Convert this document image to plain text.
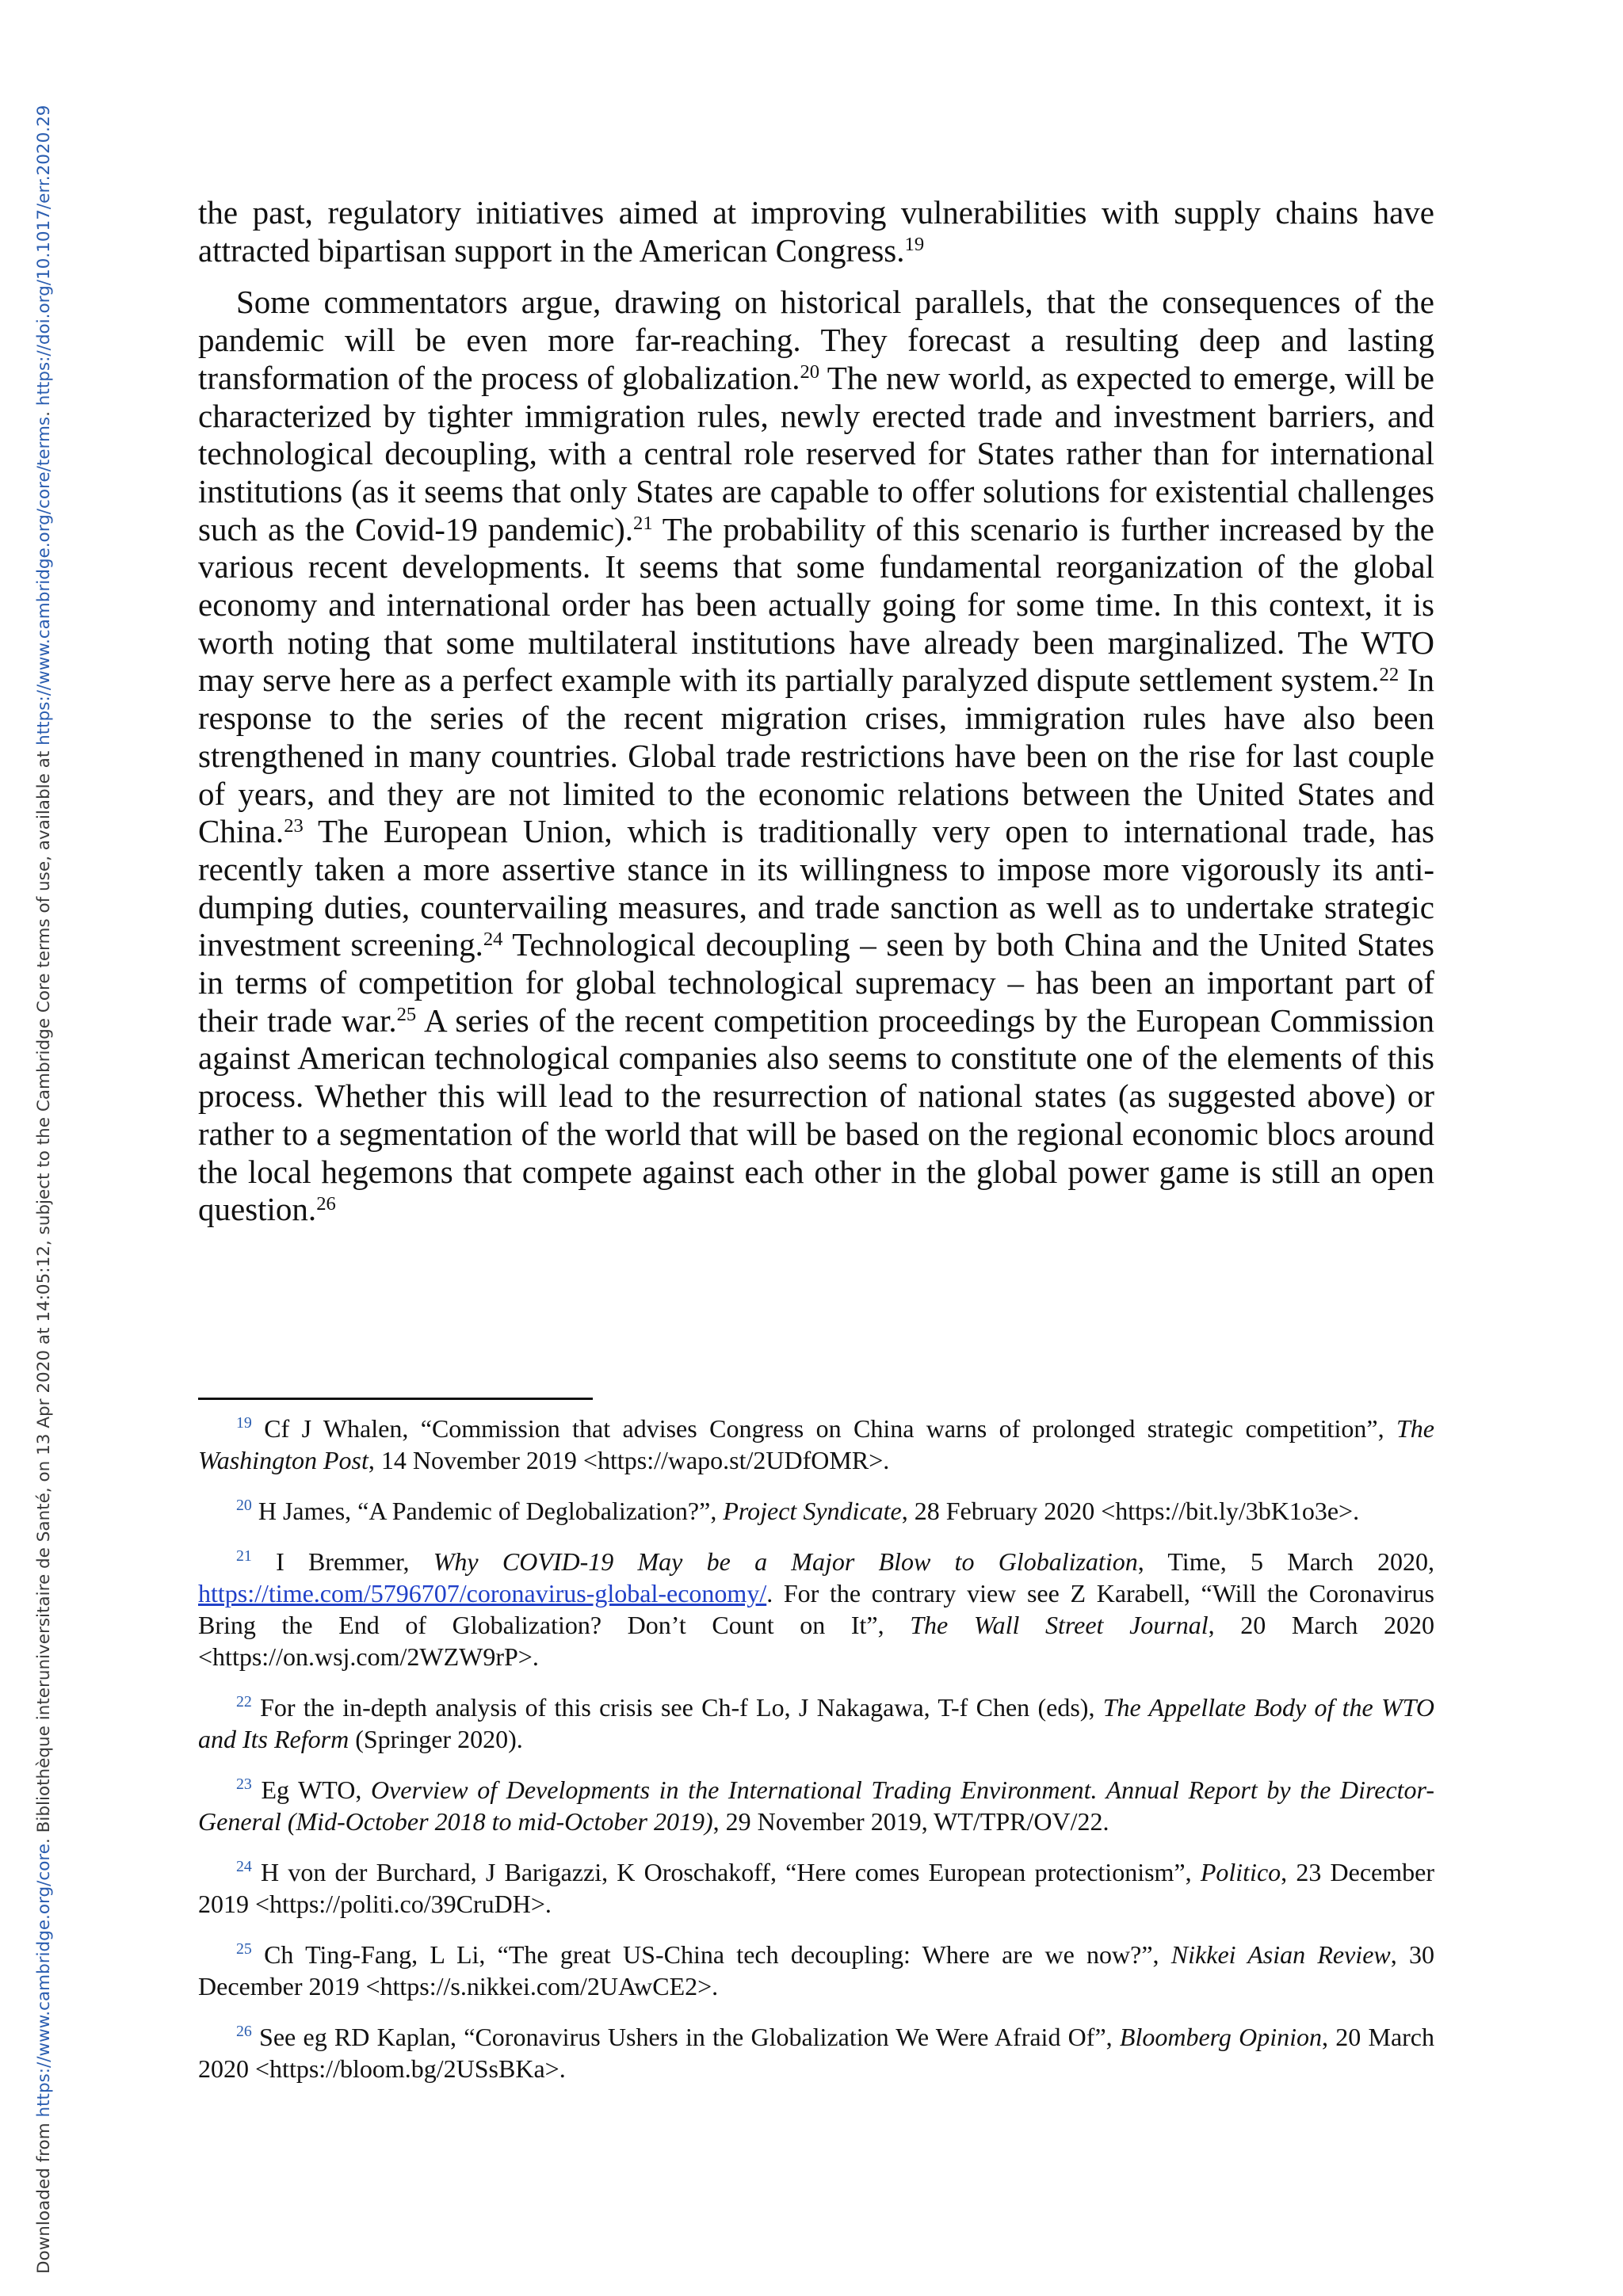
Downloaded from https://www.cambridge.org/core. Bibliothèque interuniversitaire de Santé, on 13 Apr 2020 at 14:05:12, subject to the Cambridge Core terms of use, available at https://www.cambridge.org/core/terms. https://doi.org/10.1017/err.2020.29	the past, regulatory initiatives aimed at improving vulnerabilities with supply chains have attracted bipartisan support in the American Congress.$^{19}$

Some commentators argue, drawing on historical parallels, that the consequences of the pandemic will be even more far-reaching. They forecast a resulting deep and lasting transformation of the process of globalization.$^{20}$ The new world, as expected to emerge, will be characterized by tighter immigration rules, newly erected trade and investment barriers, and technological decoupling, with a central role reserved for States rather than for international institutions (as it seems that only States are capable to offer solutions for existential challenges such as the Covid-19 pandemic).$^{21}$ The probability of this scenario is further increased by the various recent developments. It seems that some fundamental reorganization of the global economy and international order has been actually going for some time. In this context, it is worth noting that some multilateral institutions have already been marginalized. The WTO may serve here as a perfect example with its partially paralyzed dispute settlement system.$^{22}$ In response to the series of the recent migration crises, immigration rules have also been strengthened in many countries. Global trade restrictions have been on the rise for last couple of years, and they are not limited to the economic relations between the United States and China.$^{23}$ The European Union, which is traditionally very open to international trade, has recently taken a more assertive stance in its willingness to impose more vigorously its anti-dumping duties, countervailing measures, and trade sanction as well as to undertake strategic investment screening.$^{24}$ Technological decoupling – seen by both China and the United States in terms of competition for global technological supremacy – has been an important part of their trade war.$^{25}$ A series of the recent competition proceedings by the European Commission against American technological companies also seems to constitute one of the elements of this process. Whether this will lead to the resurrection of national states (as suggested above) or rather to a segmentation of the world that will be based on the regional economic blocs around the local hegemons that compete against each other in the global power game is still an open question.$^{26}$

$^{19}$ Cf J Whalen, “Commission that advises Congress on China warns of prolonged strategic competition”, The Washington Post, 14 November 2019 <https://wapo.st/2UDfOMR>.

$^{20}$ H James, “A Pandemic of Deglobalization?”, Project Syndicate, 28 February 2020 <https://bit.ly/3bK1o3e>.

$^{21}$ I Bremmer, Why COVID-19 May be a Major Blow to Globalization, Time, 5 March 2020, https://time.com/5796707/coronavirus-global-economy/. For the contrary view see Z Karabell, “Will the Coronavirus Bring the End of Globalization? Don’t Count on It”, The Wall Street Journal, 20 March 2020 <https://on.wsj.com/2WZW9rP>.

$^{22}$ For the in-depth analysis of this crisis see Ch-f Lo, J Nakagawa, T-f Chen (eds), The Appellate Body of the WTO and Its Reform (Springer 2020).

$^{23}$ Eg WTO, Overview of Developments in the International Trading Environment. Annual Report by the Director-General (Mid-October 2018 to mid-October 2019), 29 November 2019, WT/TPR/OV/22.

$^{24}$ H von der Burchard, J Barigazzi, K Oroschakoff, “Here comes European protectionism”, Politico, 23 December 2019 <https://politi.co/39CruDH>.

$^{25}$ Ch Ting-Fang, L Li, “The great US-China tech decoupling: Where are we now?”, Nikkei Asian Review, 30 December 2019 <https://s.nikkei.com/2UAwCE2>.

$^{26}$ See eg RD Kaplan, “Coronavirus Ushers in the Globalization We Were Afraid Of”, Bloomberg Opinion, 20 March 2020 <https://bloom.bg/2USsBKa>.
